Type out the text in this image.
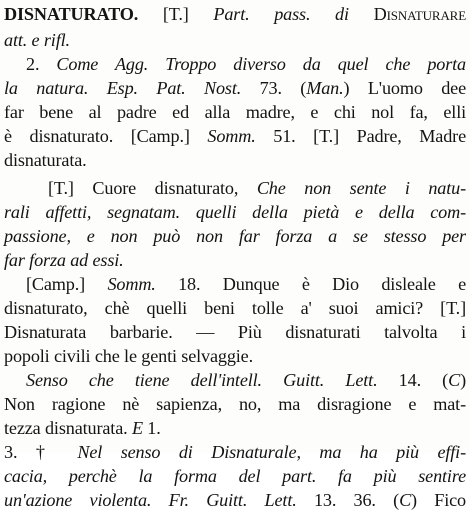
DISNATURATO. [T.] Part. pass. di Disnaturare
att. e rifl.
2. Come Agg. Troppo diverso da quel che porta
la natura. Esp. Pat. Nost. 73. (Man.) L'uomo dee
far bene al padre ed alla madre, e chi nol fa, elli
è disnaturato. [Camp.] Somm. 51. [T.] Padre, Madre
disnaturata.
[T.] Cuore disnaturato, Che non sente i natu-
rali affetti, segnatam. quelli della pietà e della com-
passione, e non può non far forza a se stesso per
far forza ad essi.
[Camp.] Somm. 18. Dunque è Dio disleale e
disnaturato, chè quelli beni tolle a' suoi amici? [T.]
Disnaturata barbarie. — Più disnaturati talvolta i
popoli civili che le genti selvaggie.
Senso che tiene dell'intell. Guitt. Lett. 14. (C)
Non ragione nè sapienza, no, ma disragione e mat-
tezza disnaturata. E 1.
3. † Nel senso di Disnaturale, ma ha più effi-
cacia, perchè la forma del part. fa più sentire
un'azione violenta. Fr. Guitt. Lett. 13. 36. (C) Fico
